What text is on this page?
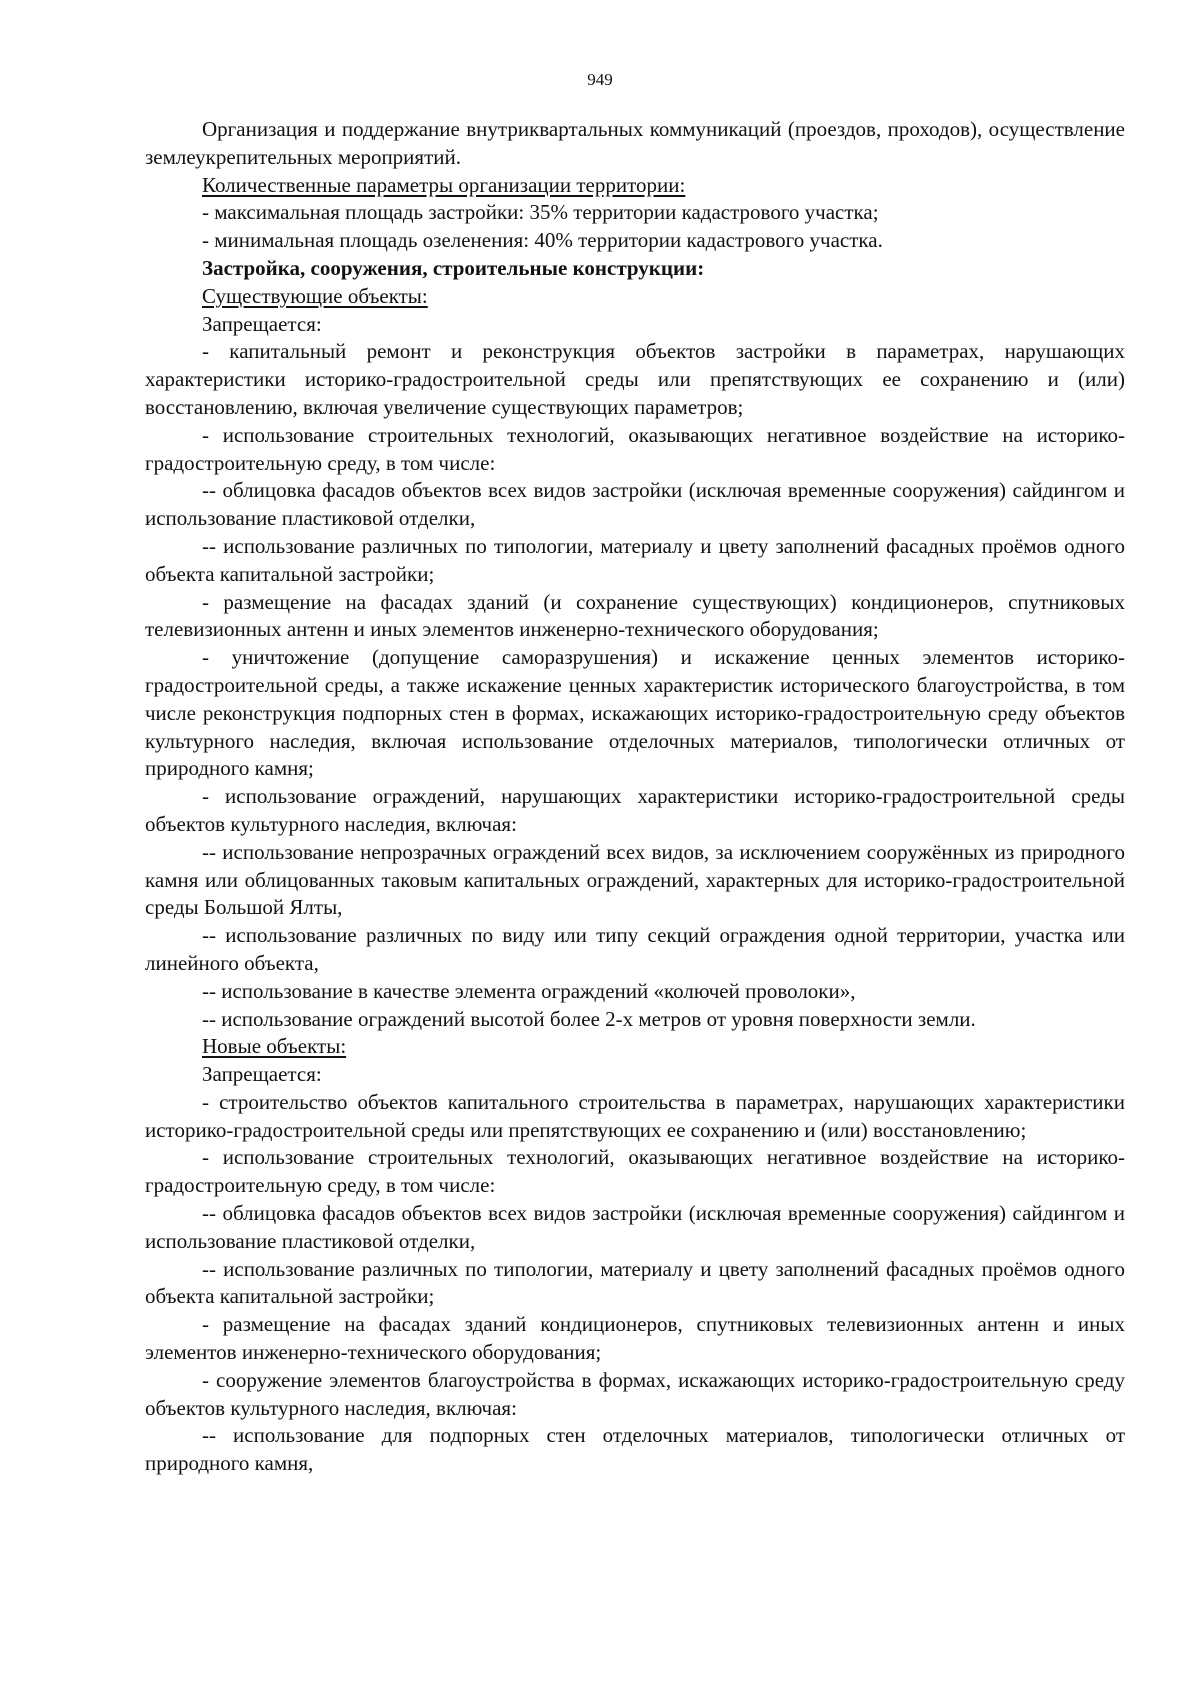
949

Организация и поддержание внутриквартальных коммуникаций (проездов, проходов), осуществление землеукрепительных мероприятий.

Количественные параметры организации территории:

- максимальная площадь застройки: 35% территории кадастрового участка;

- минимальная площадь озеленения: 40% территории кадастрового участка.

Застройка, сооружения, строительные конструкции:

Существующие объекты:

Запрещается:

- капитальный ремонт и реконструкция объектов застройки в параметрах, нарушающих характеристики историко-градостроительной среды или препятствующих ее сохранению и (или) восстановлению, включая увеличение существующих параметров;

- использование строительных технологий, оказывающих негативное воздействие на историко-градостроительную среду, в том числе:

-- облицовка фасадов объектов всех видов застройки (исключая временные сооружения) сайдингом и использование пластиковой отделки,

-- использование различных по типологии, материалу и цвету заполнений фасадных проёмов одного объекта капитальной застройки;

- размещение на фасадах зданий (и сохранение существующих) кондиционеров, спутниковых телевизионных антенн и иных элементов инженерно-технического оборудования;

- уничтожение (допущение саморазрушения) и искажение ценных элементов историко-градостроительной среды, а также искажение ценных характеристик исторического благоустройства, в том числе реконструкция подпорных стен в формах, искажающих историко-градостроительную среду объектов культурного наследия, включая использование отделочных материалов, типологически отличных от природного камня;

- использование ограждений, нарушающих характеристики историко-градостроительной среды объектов культурного наследия, включая:

-- использование непрозрачных ограждений всех видов, за исключением сооружённых из природного камня или облицованных таковым капитальных ограждений, характерных для историко-градостроительной среды Большой Ялты,

-- использование различных по виду или типу секций ограждения одной территории, участка или линейного объекта,

-- использование в качестве элемента ограждений «колючей проволоки»,

-- использование ограждений высотой более 2-х метров от уровня поверхности земли.

Новые объекты:

Запрещается:

- строительство объектов капитального строительства в параметрах, нарушающих характеристики историко-градостроительной среды или препятствующих ее сохранению и (или) восстановлению;

- использование строительных технологий, оказывающих негативное воздействие на историко-градостроительную среду, в том числе:

-- облицовка фасадов объектов всех видов застройки (исключая временные сооружения) сайдингом и использование пластиковой отделки,

-- использование различных по типологии, материалу и цвету заполнений фасадных проёмов одного объекта капитальной застройки;

- размещение на фасадах зданий кондиционеров, спутниковых телевизионных антенн и иных элементов инженерно-технического оборудования;

- сооружение элементов благоустройства в формах, искажающих историко-градостроительную среду объектов культурного наследия, включая:

-- использование для подпорных стен отделочных материалов, типологически отличных от природного камня,
